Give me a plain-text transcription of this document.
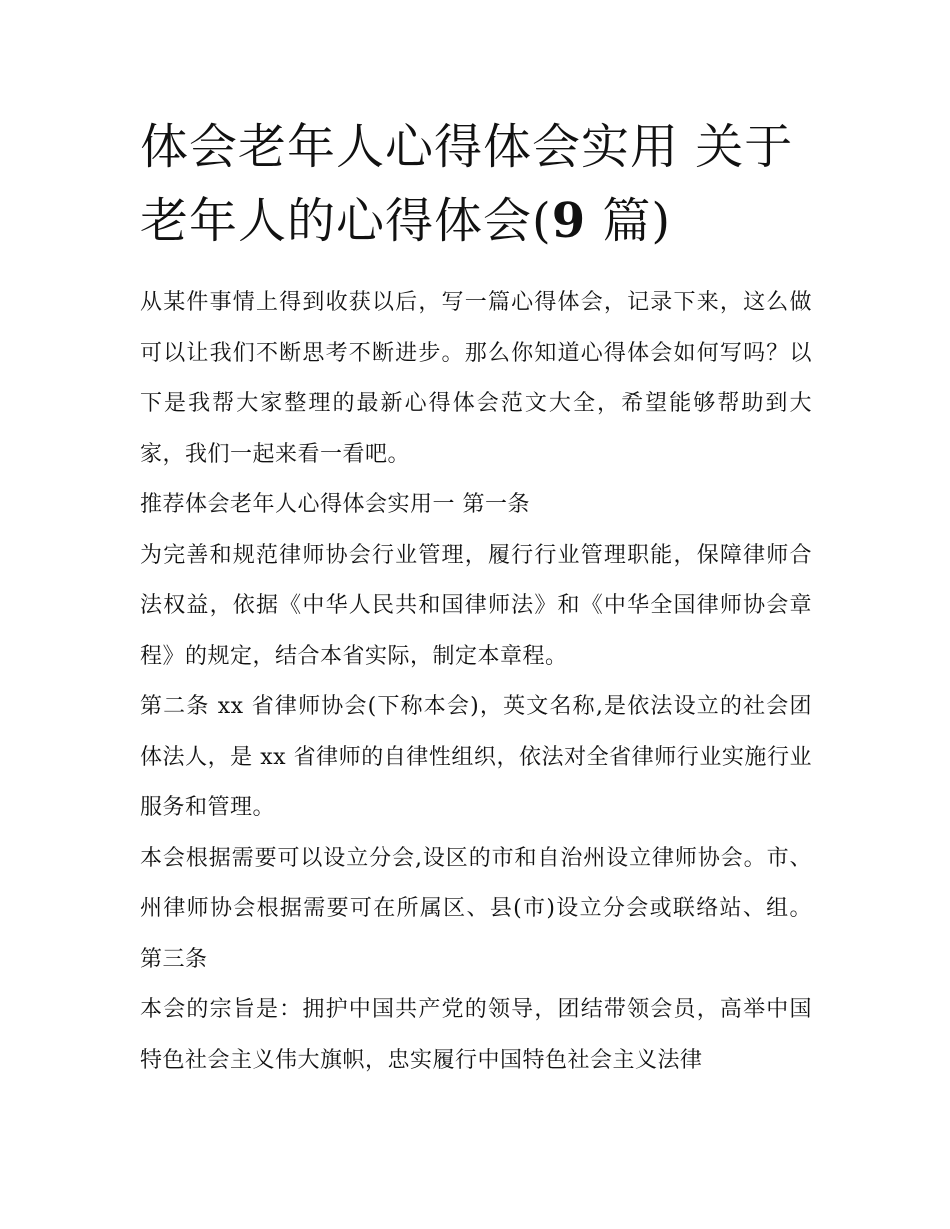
体会老年人心得体会实用 关于
老年人的心得体会(9 篇)

从某件事情上得到收获以后，写一篇心得体会，记录下来，这么做可以让我们不断思考不断进步。那么你知道心得体会如何写吗？以下是我帮大家整理的最新心得体会范文大全，希望能够帮助到大家，我们一起来看一看吧。

推荐体会老年人心得体会实用一 第一条

为完善和规范律师协会行业管理，履行行业管理职能，保障律师合法权益，依据《中华人民共和国律师法》和《中华全国律师协会章程》的规定，结合本省实际，制定本章程。

第二条 xx 省律师协会(下称本会)，英文名称,是依法设立的社会团体法人，是 xx 省律师的自律性组织，依法对全省律师行业实施行业服务和管理。

本会根据需要可以设立分会,设区的市和自治州设立律师协会。市、州律师协会根据需要可在所属区、县(市)设立分会或联络站、组。 第三条

本会的宗旨是：拥护中国共产党的领导，团结带领会员，高举中国特色社会主义伟大旗帜，忠实履行中国特色社会主义法律
